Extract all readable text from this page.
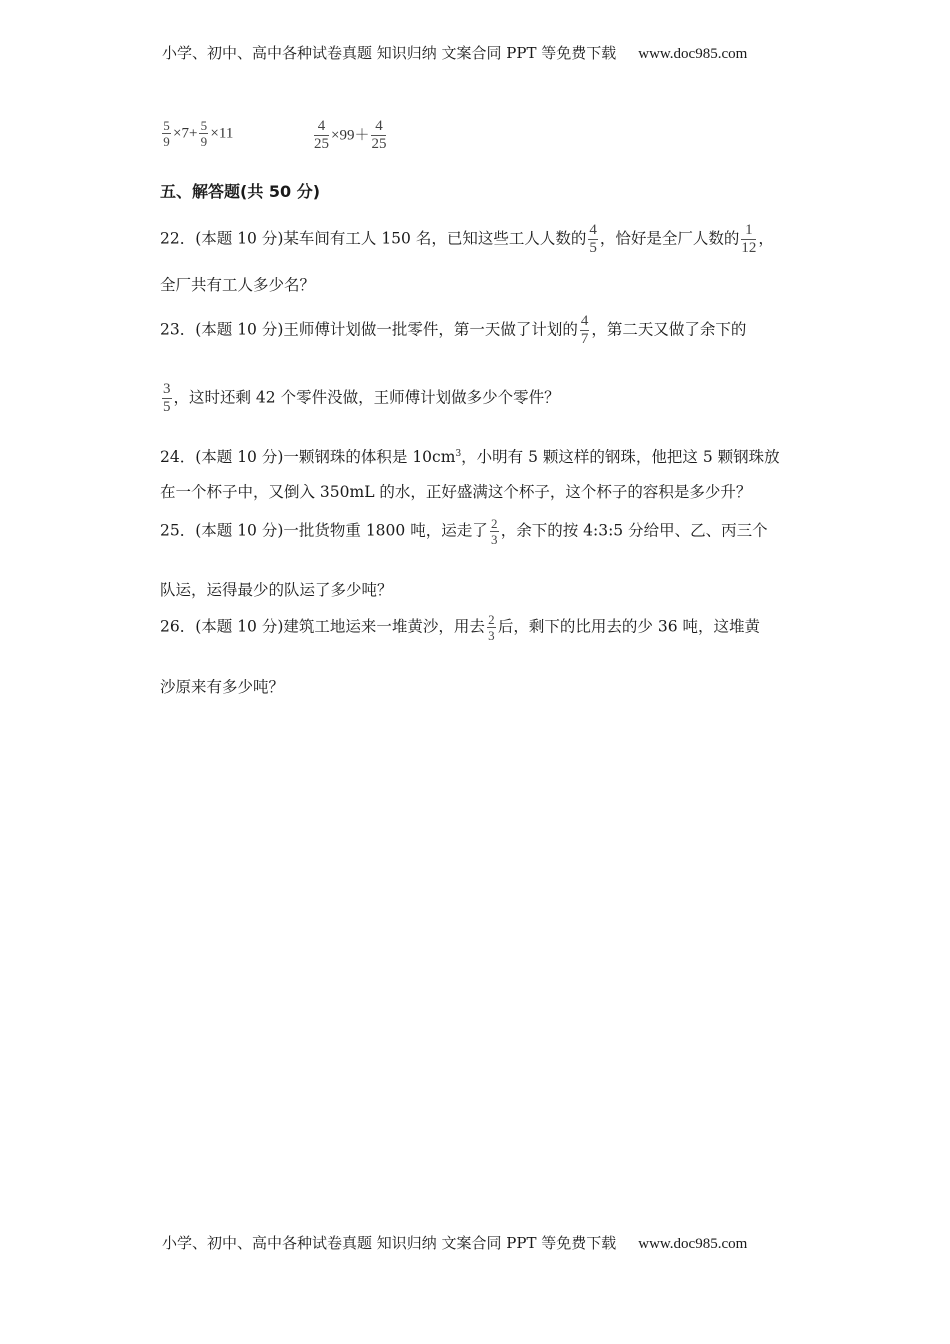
小学、初中、高中各种试卷真题 知识归纳 文案合同 PPT 等免费下载 www.doc985.com
$\frac{5}{9} \times 7+ \frac{5}{9} \times 11$	$\frac{4}{25} \times 99+ \frac{4}{25}$
五、解答题(共 50 分)
22．(本题 10 分)某车间有工人 150 名，已知这些工人人数的 $\frac{4}{5}$ ，恰好是全厂人数的 $\frac{1}{12}$ ，
全厂共有工人多少名？
23．(本题 10 分)王师傅计划做一批零件，第一天做了计划的 $\frac{4}{7}$ ，第二天又做了余下的
$\frac{3}{5}$ ，这时还剩 42 个零件没做，王师傅计划做多少个零件？
24．(本题 10 分)一颗钢珠的体积是 $10cm^3$，小明有 5 颗这样的钢珠，他把这 5 颗钢珠放
在一个杯子中，又倒入 350mL 的水，正好盛满这个杯子，这个杯子的容积是多少升？
25．(本题 10 分)一批货物重 1800 吨，运走了 $\frac{2}{3}$ ，余下的按 4:3:5 分给甲、乙、丙三个
队运，运得最少的队运了多少吨？
26．(本题 10 分)建筑工地运来一堆黄沙，用去 $\frac{2}{3}$ 后，剩下的比用去的少 36 吨，这堆黄
沙原来有多少吨？
小学、初中、高中各种试卷真题 知识归纳 文案合同 PPT 等免费下载 www.doc985.com
